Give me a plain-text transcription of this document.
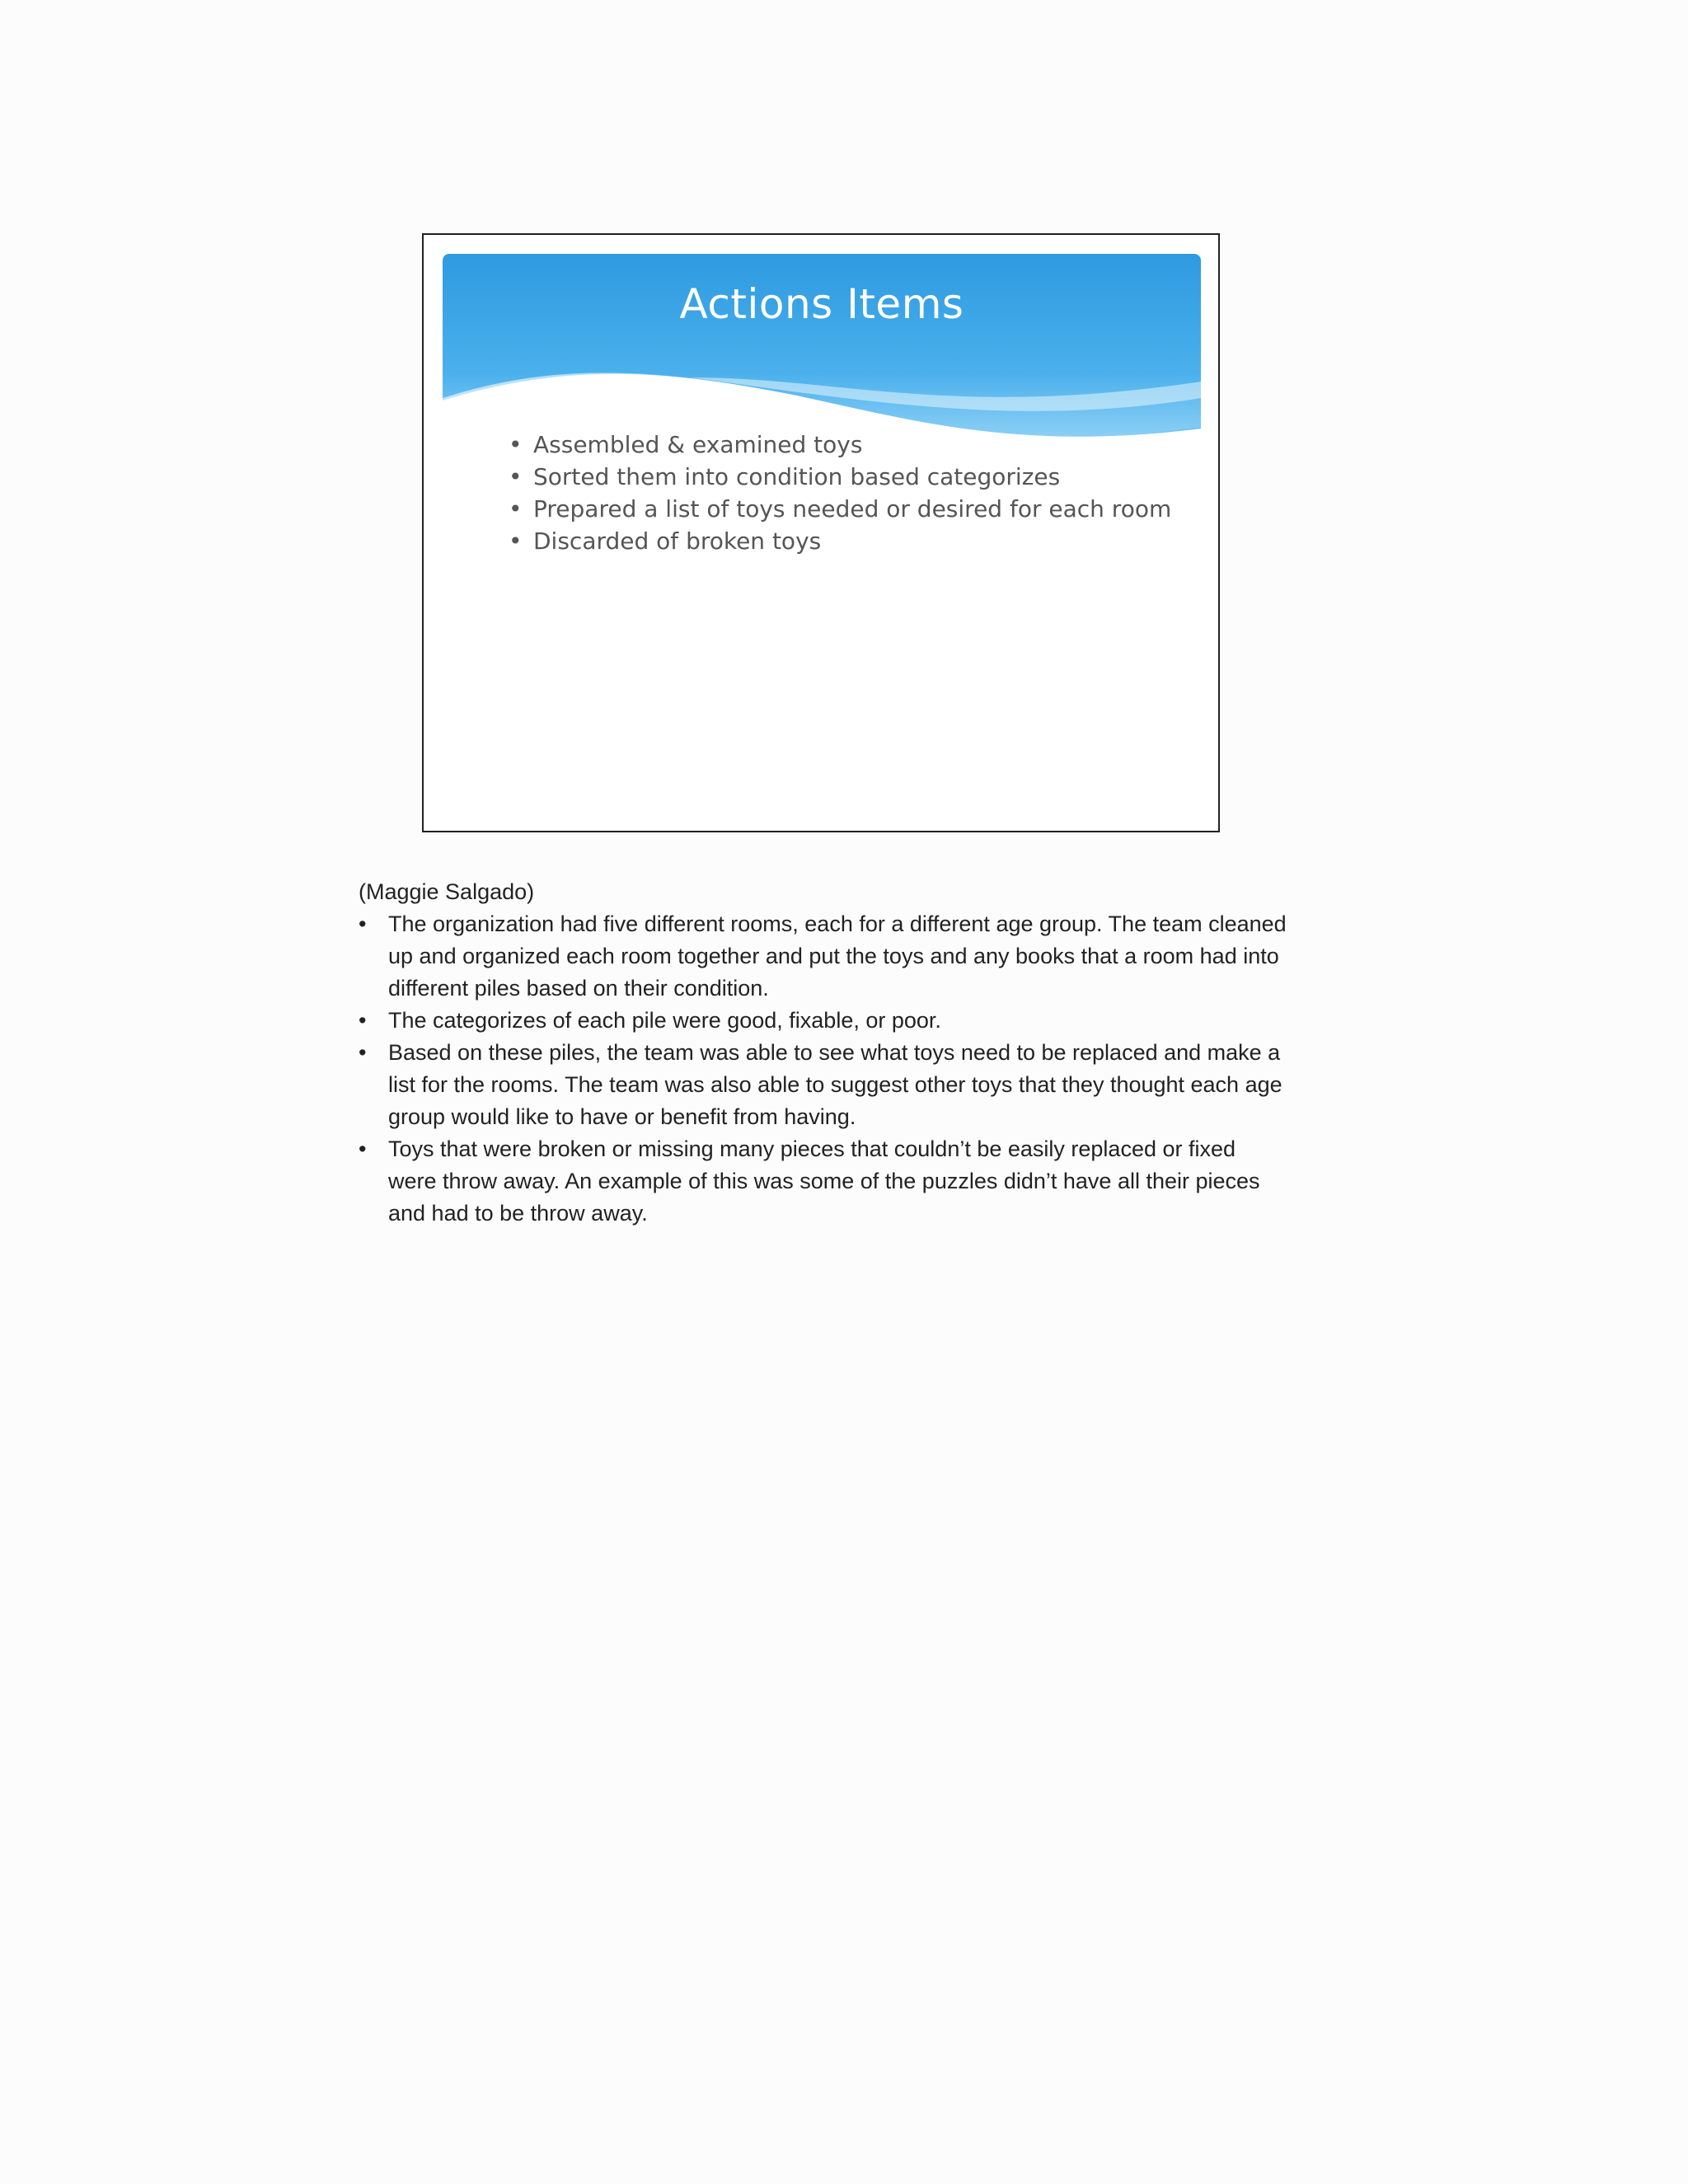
Actions Items
• Assembled & examined toys
• Sorted them into condition based categorizes
• Prepared a list of toys needed or desired for each room
• Discarded of broken toys

(Maggie Salgado)

• The organization had five different rooms, each for a different age group. The team cleaned up and organized each room together and put the toys and any books that a room had into different piles based on their condition.
• The categorizes of each pile were good, fixable, or poor.
• Based on these piles, the team was able to see what toys need to be replaced and make a list for the rooms. The team was also able to suggest other toys that they thought each age group would like to have or benefit from having.
• Toys that were broken or missing many pieces that couldn’t be easily replaced or fixed were throw away. An example of this was some of the puzzles didn’t have all their pieces and had to be throw away.
